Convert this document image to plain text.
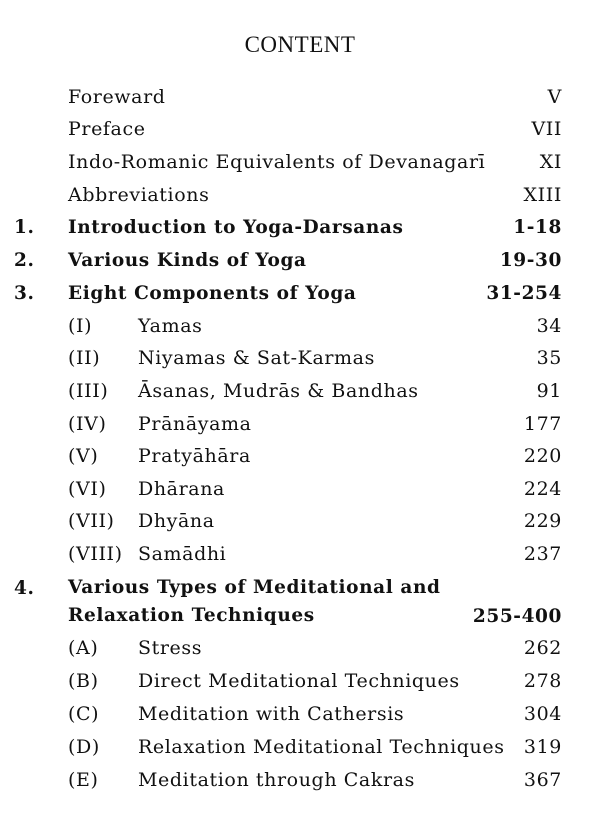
CONTENT
Foreward	V
Preface	VII
Indo-Romanic Equivalents of Devanagarī	XI
Abbreviations	XIII
1. Introduction to Yoga-Darsanas	1-18
2. Various Kinds of Yoga	19-30
3. Eight Components of Yoga	31-254
(I) Yamas	34
(II) Niyamas & Sat-Karmas	35
(III) Āsanas, Mudrās & Bandhas	91
(IV) Prānāyama	177
(V) Pratyāhāra	220
(VI) Dhārana	224
(VII) Dhyāna	229
(VIII) Samādhi	237
4. Various Types of Meditational and
Relaxation Techniques	255-400
(A) Stress	262
(B) Direct Meditational Techniques	278
(C) Meditation with Cathersis	304
(D) Relaxation Meditational Techniques 319
(E) Meditation through Cakras	367
